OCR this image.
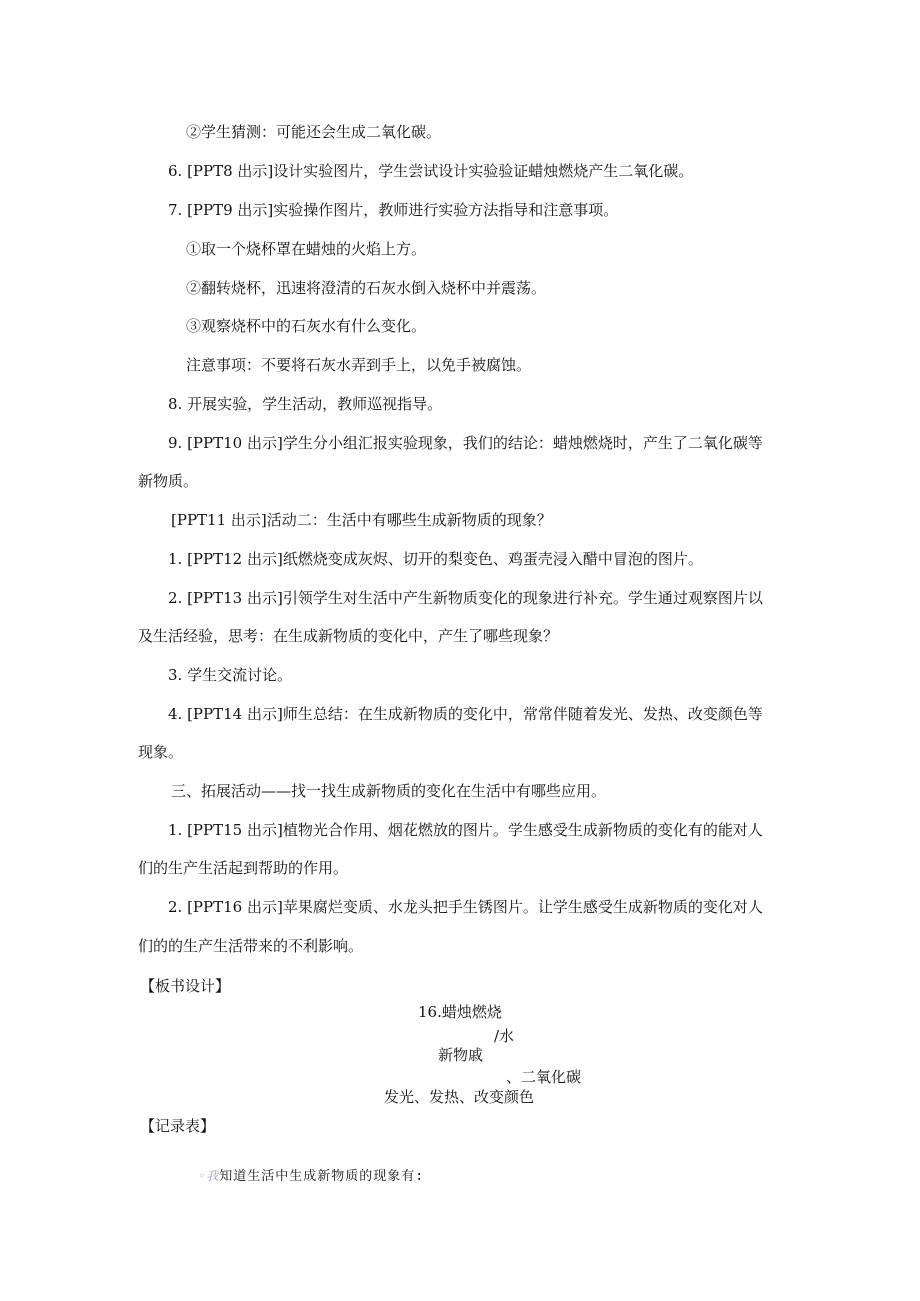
②学生猜测：可能还会生成二氧化碳。
6. [PPT8 出示]设计实验图片，学生尝试设计实验验证蜡烛燃烧产生二氧化碳。
7. [PPT9 出示]实验操作图片，教师进行实验方法指导和注意事项。
①取一个烧杯罩在蜡烛的火焰上方。
②翻转烧杯，迅速将澄清的石灰水倒入烧杯中并震荡。
③观察烧杯中的石灰水有什么变化。
注意事项：不要将石灰水弄到手上，以免手被腐蚀。
8. 开展实验，学生活动，教师巡视指导。
9. [PPT10 出示]学生分小组汇报实验现象，我们的结论：蜡烛燃烧时，产生了二氧化碳等
新物质。
[PPT11 出示]活动二：生活中有哪些生成新物质的现象？
1. [PPT12 出示]纸燃烧变成灰烬、切开的梨变色、鸡蛋壳浸入醋中冒泡的图片。
2. [PPT13 出示]引领学生对生活中产生新物质变化的现象进行补充。学生通过观察图片以
及生活经验，思考：在生成新物质的变化中，产生了哪些现象？
3. 学生交流讨论。
4. [PPT14 出示]师生总结：在生成新物质的变化中，常常伴随着发光、发热、改变颜色等
现象。
三、拓展活动——找一找生成新物质的变化在生活中有哪些应用。
1. [PPT15 出示]植物光合作用、烟花燃放的图片。学生感受生成新物质的变化有的能对人
们的生产生活起到帮助的作用。
2. [PPT16 出示]苹果腐烂变质、水龙头把手生锈图片。让学生感受生成新物质的变化对人
们的的生产生活带来的不利影响。
【板书设计】
16.蜡烛燃烧
/水
新物戚
、二氧化碳
发光、发热、改变颜色
【记录表】
◦我知道生活中生成新物质的现象有:
